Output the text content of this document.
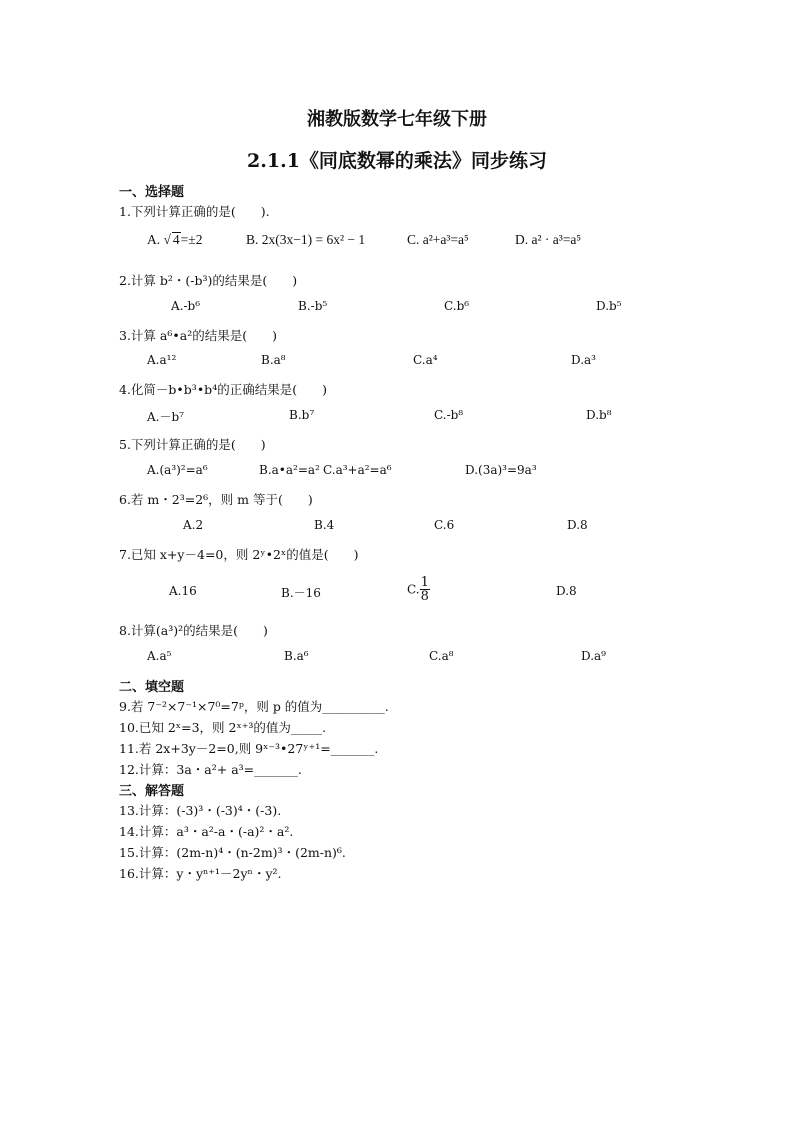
湘教版数学七年级下册
2.1.1《同底数幂的乘法》同步练习
一、选择题
1.下列计算正确的是(　　).
A. √ 4=±2	B. 2x(3x−1) = 6x² − 1	C. a²+a³=a⁵	D. a² · a³=a⁵
2.计算 b²・(-b³)的结果是(　　)
A.-b⁶	B.-b⁵	C.b⁶	D.b⁵
3.计算 a⁶•a²的结果是(　　)
A.a¹²	B.a⁸	C.a⁴	D.a³
4.化简－b•b³•b⁴的正确结果是(　　)
A.－b⁷	B.b⁷	C.-b⁸	D.b⁸
5.下列计算正确的是(　　)
A.(a³)²=a⁶	B.a•a²=a² C.a³+a²=a⁶	D.(3a)³=9a³
6.若 m・2³=2⁶，则 m 等于(　　)
A.2	B.4	C.6	D.8
7.已知 x+y－4=0，则 2ʸ•2ˣ的值是(　　)
A.16	B.－16	C. $\frac{1}{8}$	D.8
8.计算(a³)²的结果是(　　)
A.a⁵	B.a⁶	C.a⁸	D.a⁹
二、填空题
9.若 7⁻²×7⁻¹×7⁰=7ᵖ，则 p 的值为__________.
10.已知 2ˣ=3，则 2ˣ⁺³的值为_____.
11.若 2x+3y－2=0,则 9ˣ⁻³•27ʸ⁺¹=_______.
12.计算：3a・a²+ a³=_______.
三、解答题
13.计算：(-3)³・(-3)⁴・(-3).
14.计算：a³・a²-a・(-a)²・a².
15.计算：(2m-n)⁴・(n-2m)³・(2m-n)⁶.
16.计算：y・yⁿ⁺¹－2yⁿ・y².
